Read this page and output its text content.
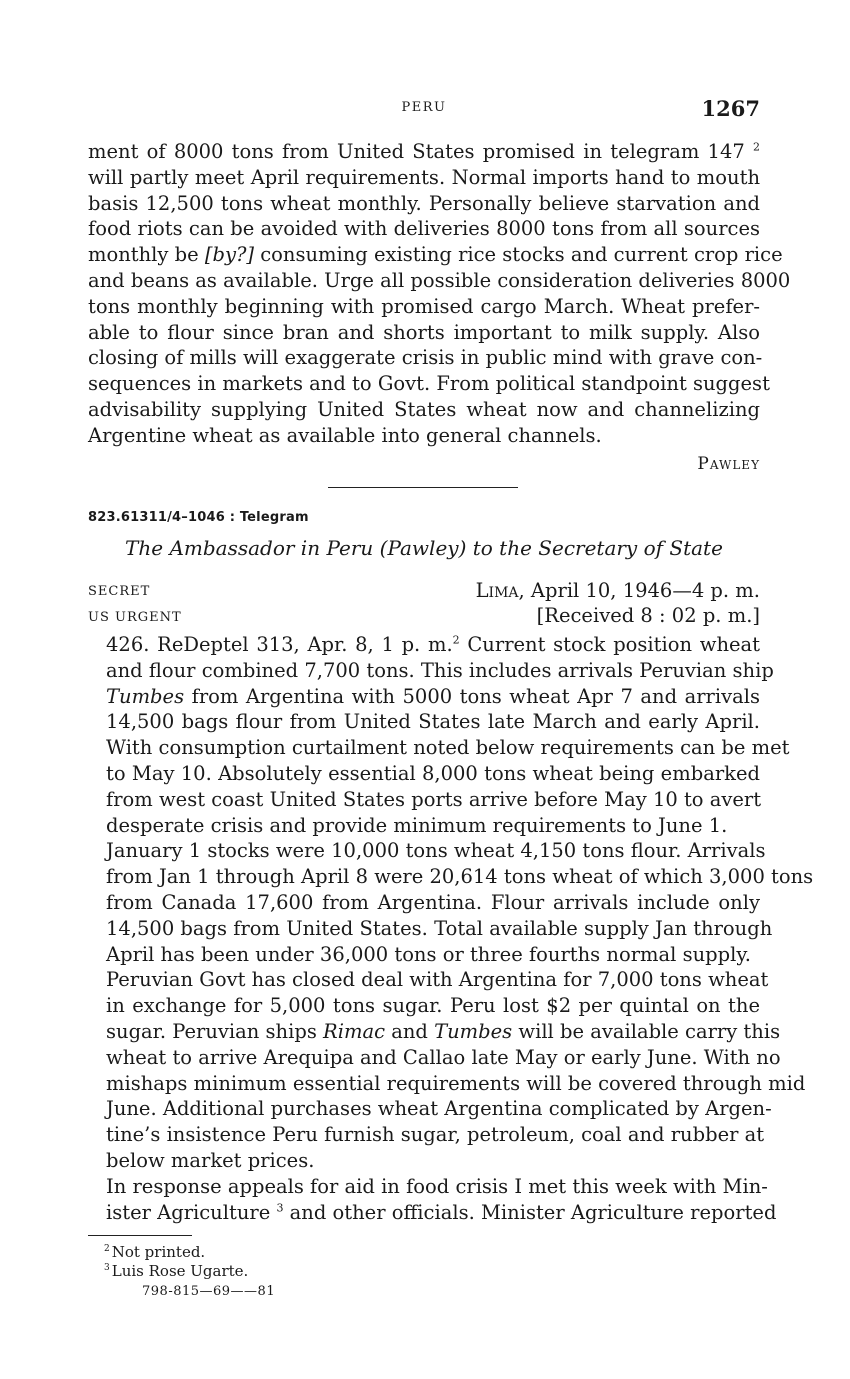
PERU	1267

ment of 8000 tons from United States promised in telegram 147 $^2$
will partly meet April requirements. Normal imports hand to mouth
basis 12,500 tons wheat monthly. Personally believe starvation and
food riots can be avoided with deliveries 8000 tons from all sources
monthly be [by?] consuming existing rice stocks and current crop rice
and beans as available. Urge all possible consideration deliveries 8000
tons monthly beginning with promised cargo March. Wheat prefer-
able to flour since bran and shorts important to milk supply. Also
closing of mills will exaggerate crisis in public mind with grave con-
sequences in markets and to Govt. From political standpoint suggest
advisability supplying United States wheat now and channelizing
Argentine wheat as available into general channels.

Pawley
823.61311/4–1046 : Telegram
The Ambassador in Peru (Pawley) to the Secretary of State
SECRET	Lima, April 10, 1946—4 p. m.
US URGENT	[Received 8 : 02 p. m.]

426. ReDeptel 313, Apr. 8, 1 p. m.$^2$ Current stock position wheat
and flour combined 7,700 tons. This includes arrivals Peruvian ship
Tumbes from Argentina with 5000 tons wheat Apr 7 and arrivals
14,500 bags flour from United States late March and early April.
With consumption curtailment noted below requirements can be met
to May 10. Absolutely essential 8,000 tons wheat being embarked
from west coast United States ports arrive before May 10 to avert
desperate crisis and provide minimum requirements to June 1.

January 1 stocks were 10,000 tons wheat 4,150 tons flour. Arrivals
from Jan 1 through April 8 were 20,614 tons wheat of which 3,000 tons
from Canada 17,600 from Argentina. Flour arrivals include only
14,500 bags from United States. Total available supply Jan through
April has been under 36,000 tons or three fourths normal supply.

Peruvian Govt has closed deal with Argentina for 7,000 tons wheat
in exchange for 5,000 tons sugar. Peru lost $2 per quintal on the
sugar. Peruvian ships Rimac and Tumbes will be available carry this
wheat to arrive Arequipa and Callao late May or early June. With no
mishaps minimum essential requirements will be covered through mid
June. Additional purchases wheat Argentina complicated by Argen-
tine’s insistence Peru furnish sugar, petroleum, coal and rubber at
below market prices.

In response appeals for aid in food crisis I met this week with Min-
ister Agriculture $^3$ and other officials. Minister Agriculture reported

$^2$ Not printed.
$^3$ Luis Rose Ugarte.
798-815—69——81
